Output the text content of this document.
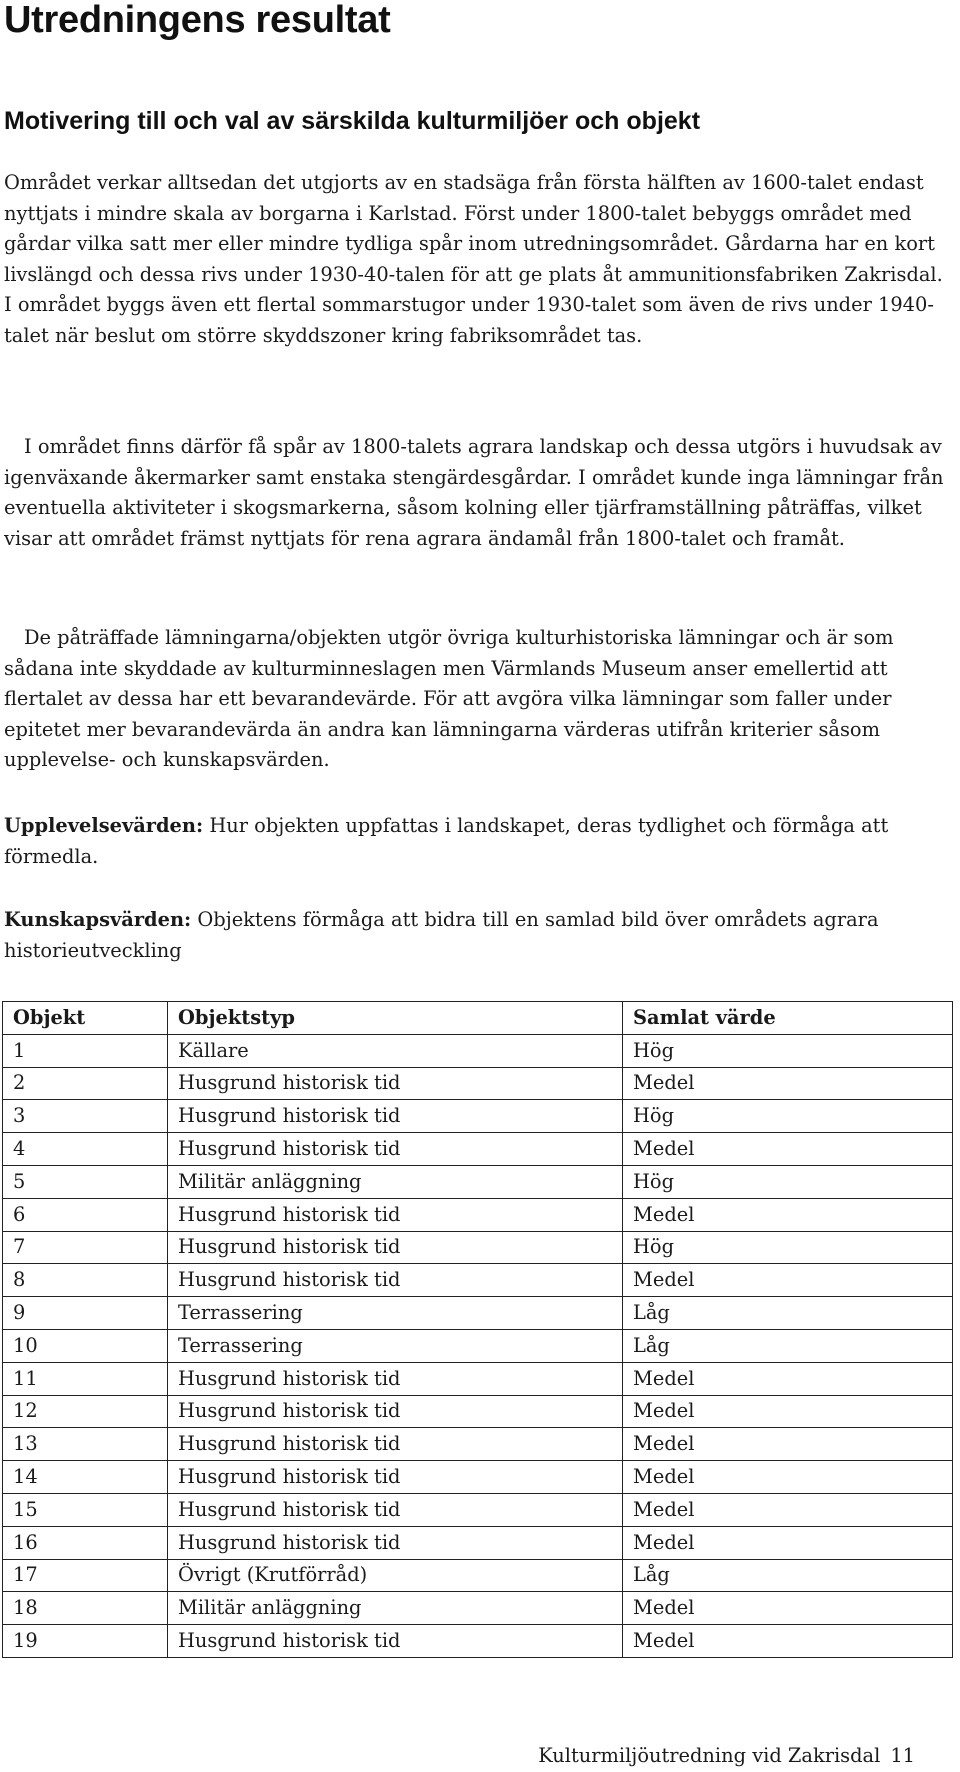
Utredningens resultat
Motivering till och val av särskilda kulturmiljöer och objekt

Området verkar alltsedan det utgjorts av en stadsäga från första hälften av 1600-talet endast nyttjats i mindre skala av borgarna i Karlstad. Först under 1800-talet bebyggs området med gårdar vilka satt mer eller mindre tydliga spår inom utredningsområdet. Gårdarna har en kort livslängd och dessa rivs under 1930-40-talen för att ge plats åt ammunitionsfabriken Zakrisdal. I området byggs även ett flertal sommarstugor under 1930-talet som även de rivs under 1940-talet när beslut om större skyddszoner kring fabriksområdet tas.

I området finns därför få spår av 1800-talets agrara landskap och dessa utgörs i huvudsak av igenväxande åkermarker samt enstaka stengärdesgårdar. I området kunde inga lämningar från eventuella aktiviteter i skogsmarkerna, såsom kolning eller tjärframställning påträffas, vilket visar att området främst nyttjats för rena agrara ändamål från 1800-talet och framåt.

De påträffade lämningarna/objekten utgör övriga kulturhistoriska lämningar och är som sådana inte skyddade av kulturminneslagen men Värmlands Museum anser emellertid att flertalet av dessa har ett bevarandevärde. För att avgöra vilka lämningar som faller under epitetet mer bevarandevärda än andra kan lämningarna värderas utifrån kriterier såsom upplevelse- och kunskapsvärden.

Upplevelsevärden: Hur objekten uppfattas i landskapet, deras tydlighet och förmåga att förmedla.

Kunskapsvärden: Objektens förmåga att bidra till en samlad bild över områdets agrara historieutveckling

Objekt	Objektstyp	Samlat värde
1	Källare	Hög
2	Husgrund historisk tid	Medel
3	Husgrund historisk tid	Hög
4	Husgrund historisk tid	Medel
5	Militär anläggning	Hög
6	Husgrund historisk tid	Medel
7	Husgrund historisk tid	Hög
8	Husgrund historisk tid	Medel
9	Terrassering	Låg
10	Terrassering	Låg
11	Husgrund historisk tid	Medel
12	Husgrund historisk tid	Medel
13	Husgrund historisk tid	Medel
14	Husgrund historisk tid	Medel
15	Husgrund historisk tid	Medel
16	Husgrund historisk tid	Medel
17	Övrigt (Krutförråd)	Låg
18	Militär anläggning	Medel
19	Husgrund historisk tid	Medel
Kulturmiljöutredning vid Zakrisdal 11
